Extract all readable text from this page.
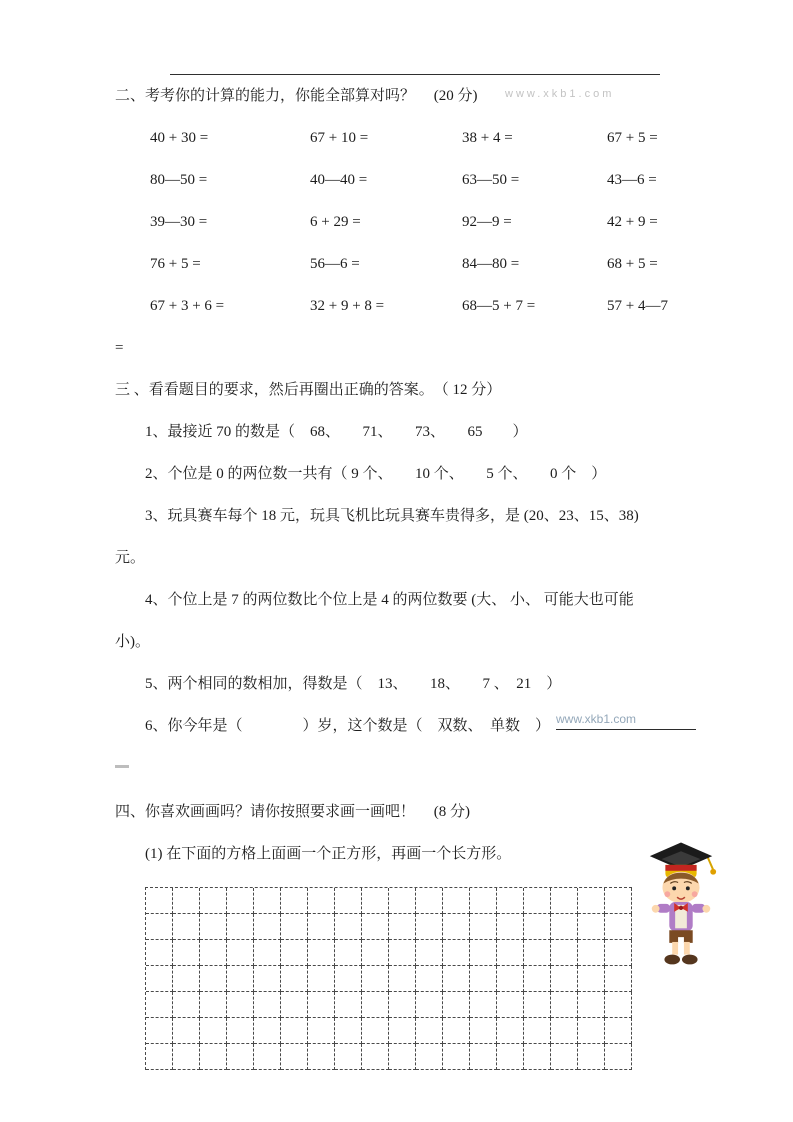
www.xkb1.com
二、考考你的计算的能力，你能全部算对吗？　 (20 分)
40 + 30 =	67 + 10 =	38 + 4 =	67 + 5 =
80—50 =	40—40 =	63—50 =	43—6 =
39—30 =	6 + 29 =	92—9 =	42 + 9 =
76 + 5 =	56—6 =	84—80 =	68 + 5 =
67 + 3 + 6 =	32 + 9 + 8 =	68—5 + 7 =	57 + 4—7
=
三 、看看题目的要求，然后再圈出正确的答案。　（ 12 分）
1、最接近 70 的数是（　68、　　71、　　73、　　65　　）
2、个位是 0 的两位数一共有（ 9 个、　　10 个、　　5 个、　　0 个　）
3、玩具赛车每个 18 元，玩具飞机比玩具赛车贵得多，是 (20、23、15、38)
元。
4、个位上是 7 的两位数比个位上是 4 的两位数要 (大、 小、 可能大也可能
小)。
5、两个相同的数相加，得数是（　13、　　18、　　7 、　21　）
6、你今年是（　　　　）岁，这个数是（　双数、　单数　） www.xkb1.com
四、你喜欢画画吗？请你按照要求画一画吧！　 (8 分)
(1) 在下面的方格上面画一个正方形，再画一个长方形。
